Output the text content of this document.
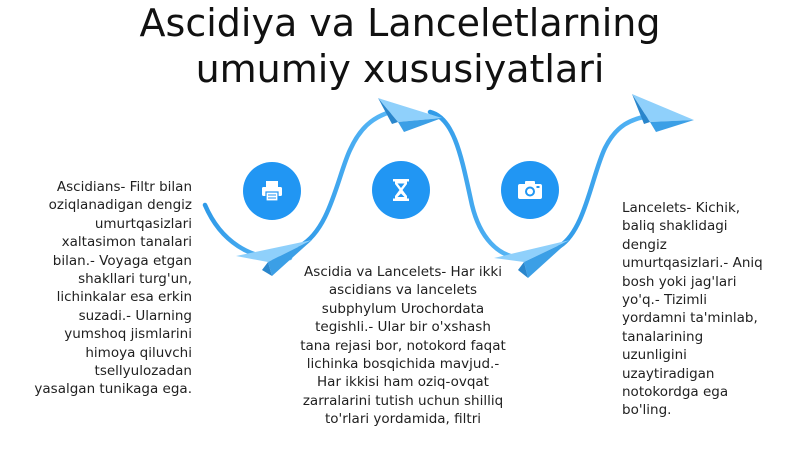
Ascidiya va Lanceletlarning
umumiy xususiyatlari
Ascidians- Filtr bilan oziqlanadigan dengiz umurtqasizlari xaltasimon tanalari bilan.- Voyaga etgan shakllari turg'un, lichinkalar esa erkin suzadi.- Ularning yumshoq jismlarini himoya qiluvchi tsellyulozadan yasalgan tunikaga ega.
Ascidia va Lancelets- Har ikki ascidians va lancelets subphylum Urochordata tegishli.- Ular bir o'xshash tana rejasi bor, notokord faqat lichinka bosqichida mavjud.- Har ikkisi ham oziq-ovqat zarralarini tutish uchun shilliq to'rlari yordamida, filtri
Lancelets- Kichik, baliq shaklidagi dengiz umurtqasizlari.- Aniq bosh yoki jag'lari yo'q.- Tizimli yordamni ta'minlab, tanalarining uzunligini uzaytiradigan notokordga ega bo'ling.
